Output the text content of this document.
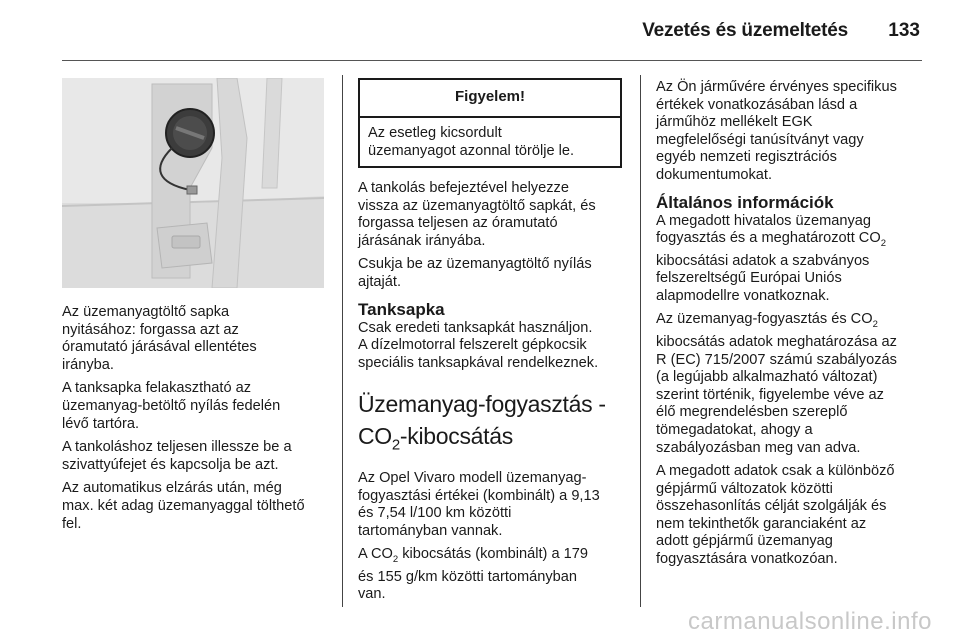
Vezetés és üzemeltetés 133

Az üzemanyagtöltő sapka
nyitásához: forgassa azt az
óramutató járásával ellentétes
irányba.

A tanksapka felakasztható az
üzemanyag-betöltő nyílás fedelén
lévő tartóra.

A tankoláshoz teljesen illessze be a
szivattyúfejet és kapcsolja be azt.

Az automatikus elzárás után, még
max. két adag üzemanyaggal tölthető
fel.

Figyelem!
Az esetleg kicsordult
üzemanyagot azonnal törölje le.

A tankolás befejeztével helyezze
vissza az üzemanyagtöltő sapkát, és
forgassa teljesen az óramutató
járásának irányába.

Csukja be az üzemanyagtöltő nyílás
ajtaját.

Tanksapka

Csak eredeti tanksapkát használjon.
A dízelmotorral felszerelt gépkocsik
speciális tanksapkával rendelkeznek.

Üzemanyag-fogyasztás -
$CO_2$-kibocsátás

Az Opel Vivaro modell üzemanyag-
fogyasztási értékei (kombinált) a 9,13
és 7,54 l/100 km közötti
tartományban vannak.

A $CO_2$ kibocsátás (kombinált) a 179
és 155 g/km közötti tartományban
van.

Az Ön járművére érvényes specifikus
értékek vonatkozásában lásd a
járműhöz mellékelt EGK
megfelelőségi tanúsítványt vagy
egyéb nemzeti regisztrációs
dokumentumokat.

Általános információk

A megadott hivatalos üzemanyag
fogyasztás és a meghatározott $CO_2$
kibocsátási adatok a szabványos
felszereltségű Európai Uniós
alapmodellre vonatkoznak.

Az üzemanyag-fogyasztás és $CO_2$
kibocsátás adatok meghatározása az
R (EC) 715/2007 számú szabályozás
(a legújabb alkalmazható változat)
szerint történik, figyelembe véve az
élő megrendelésben szereplő
tömegadatokat, ahogy a
szabályozásban meg van adva.

A megadott adatok csak a különböző
gépjármű változatok közötti
összehasonlítás célját szolgálják és
nem tekinthetők garanciaként az
adott gépjármű üzemanyag
fogyasztására vonatkozóan.

carmanualsonline.info
